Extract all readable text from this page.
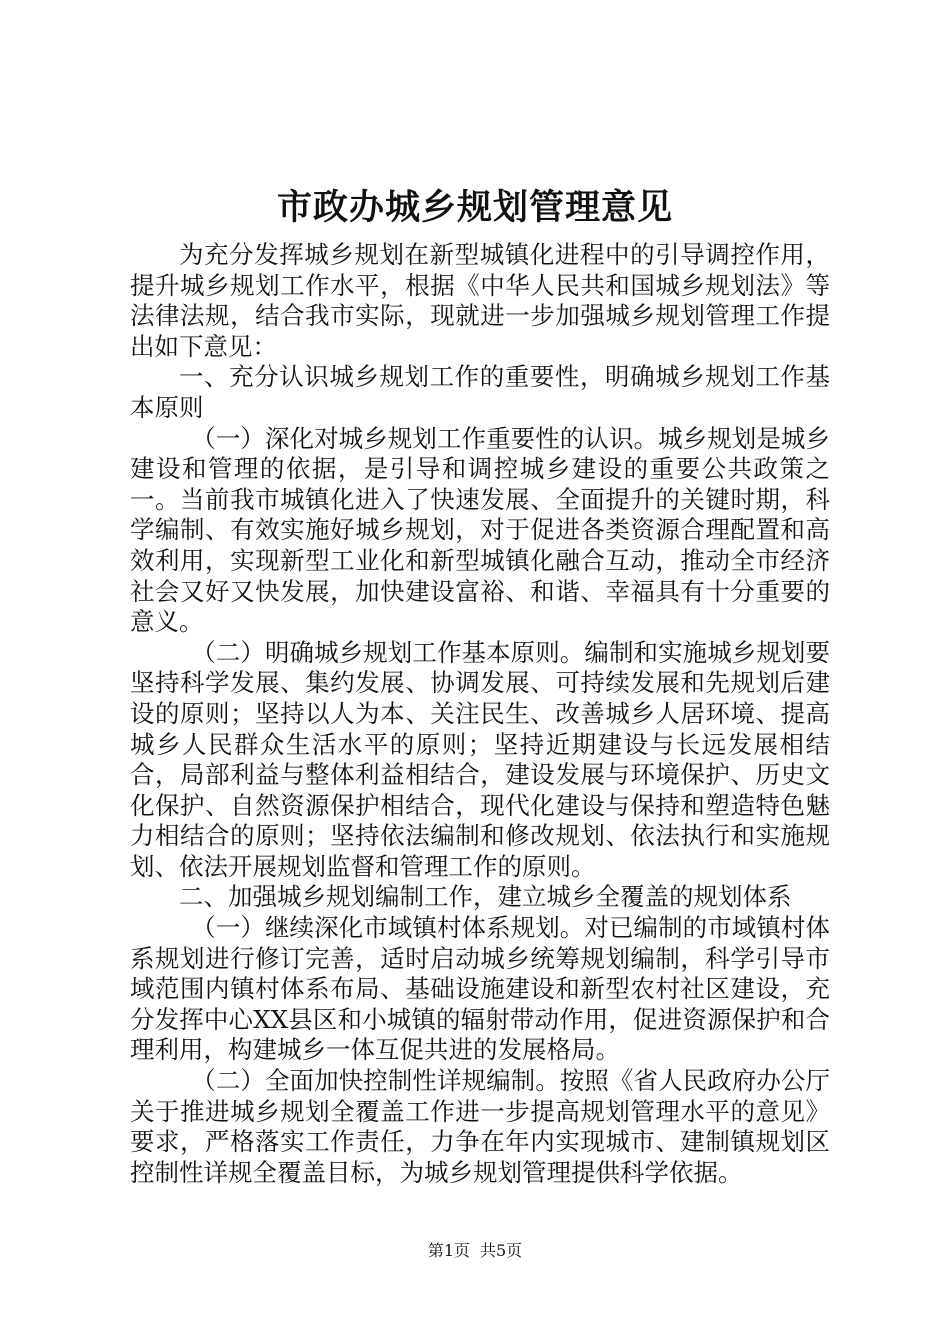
市政办城乡规划管理意见

为充分发挥城乡规划在新型城镇化进程中的引导调控作用，提升城乡规划工作水平，根据《中华人民共和国城乡规划法》等法律法规，结合我市实际，现就进一步加强城乡规划管理工作提出如下意见：

一、充分认识城乡规划工作的重要性，明确城乡规划工作基本原则

（一）深化对城乡规划工作重要性的认识。城乡规划是城乡建设和管理的依据，是引导和调控城乡建设的重要公共政策之一。当前我市城镇化进入了快速发展、全面提升的关键时期，科学编制、有效实施好城乡规划，对于促进各类资源合理配置和高效利用，实现新型工业化和新型城镇化融合互动，推动全市经济社会又好又快发展，加快建设富裕、和谐、幸福具有十分重要的意义。

（二）明确城乡规划工作基本原则。编制和实施城乡规划要坚持科学发展、集约发展、协调发展、可持续发展和先规划后建设的原则；坚持以人为本、关注民生、改善城乡人居环境、提高城乡人民群众生活水平的原则；坚持近期建设与长远发展相结合，局部利益与整体利益相结合，建设发展与环境保护、历史文化保护、自然资源保护相结合，现代化建设与保持和塑造特色魅力相结合的原则；坚持依法编制和修改规划、依法执行和实施规划、依法开展规划监督和管理工作的原则。

二、加强城乡规划编制工作，建立城乡全覆盖的规划体系

（一）继续深化市域镇村体系规划。对已编制的市域镇村体系规划进行修订完善，适时启动城乡统筹规划编制，科学引导市域范围内镇村体系布局、基础设施建设和新型农村社区建设，充分发挥中心XX县区和小城镇的辐射带动作用，促进资源保护和合理利用，构建城乡一体互促共进的发展格局。

（二）全面加快控制性详规编制。按照《省人民政府办公厅关于推进城乡规划全覆盖工作进一步提高规划管理水平的意见》要求，严格落实工作责任，力争在年内实现城市、建制镇规划区控制性详规全覆盖目标，为城乡规划管理提供科学依据。

第1页 共5页
